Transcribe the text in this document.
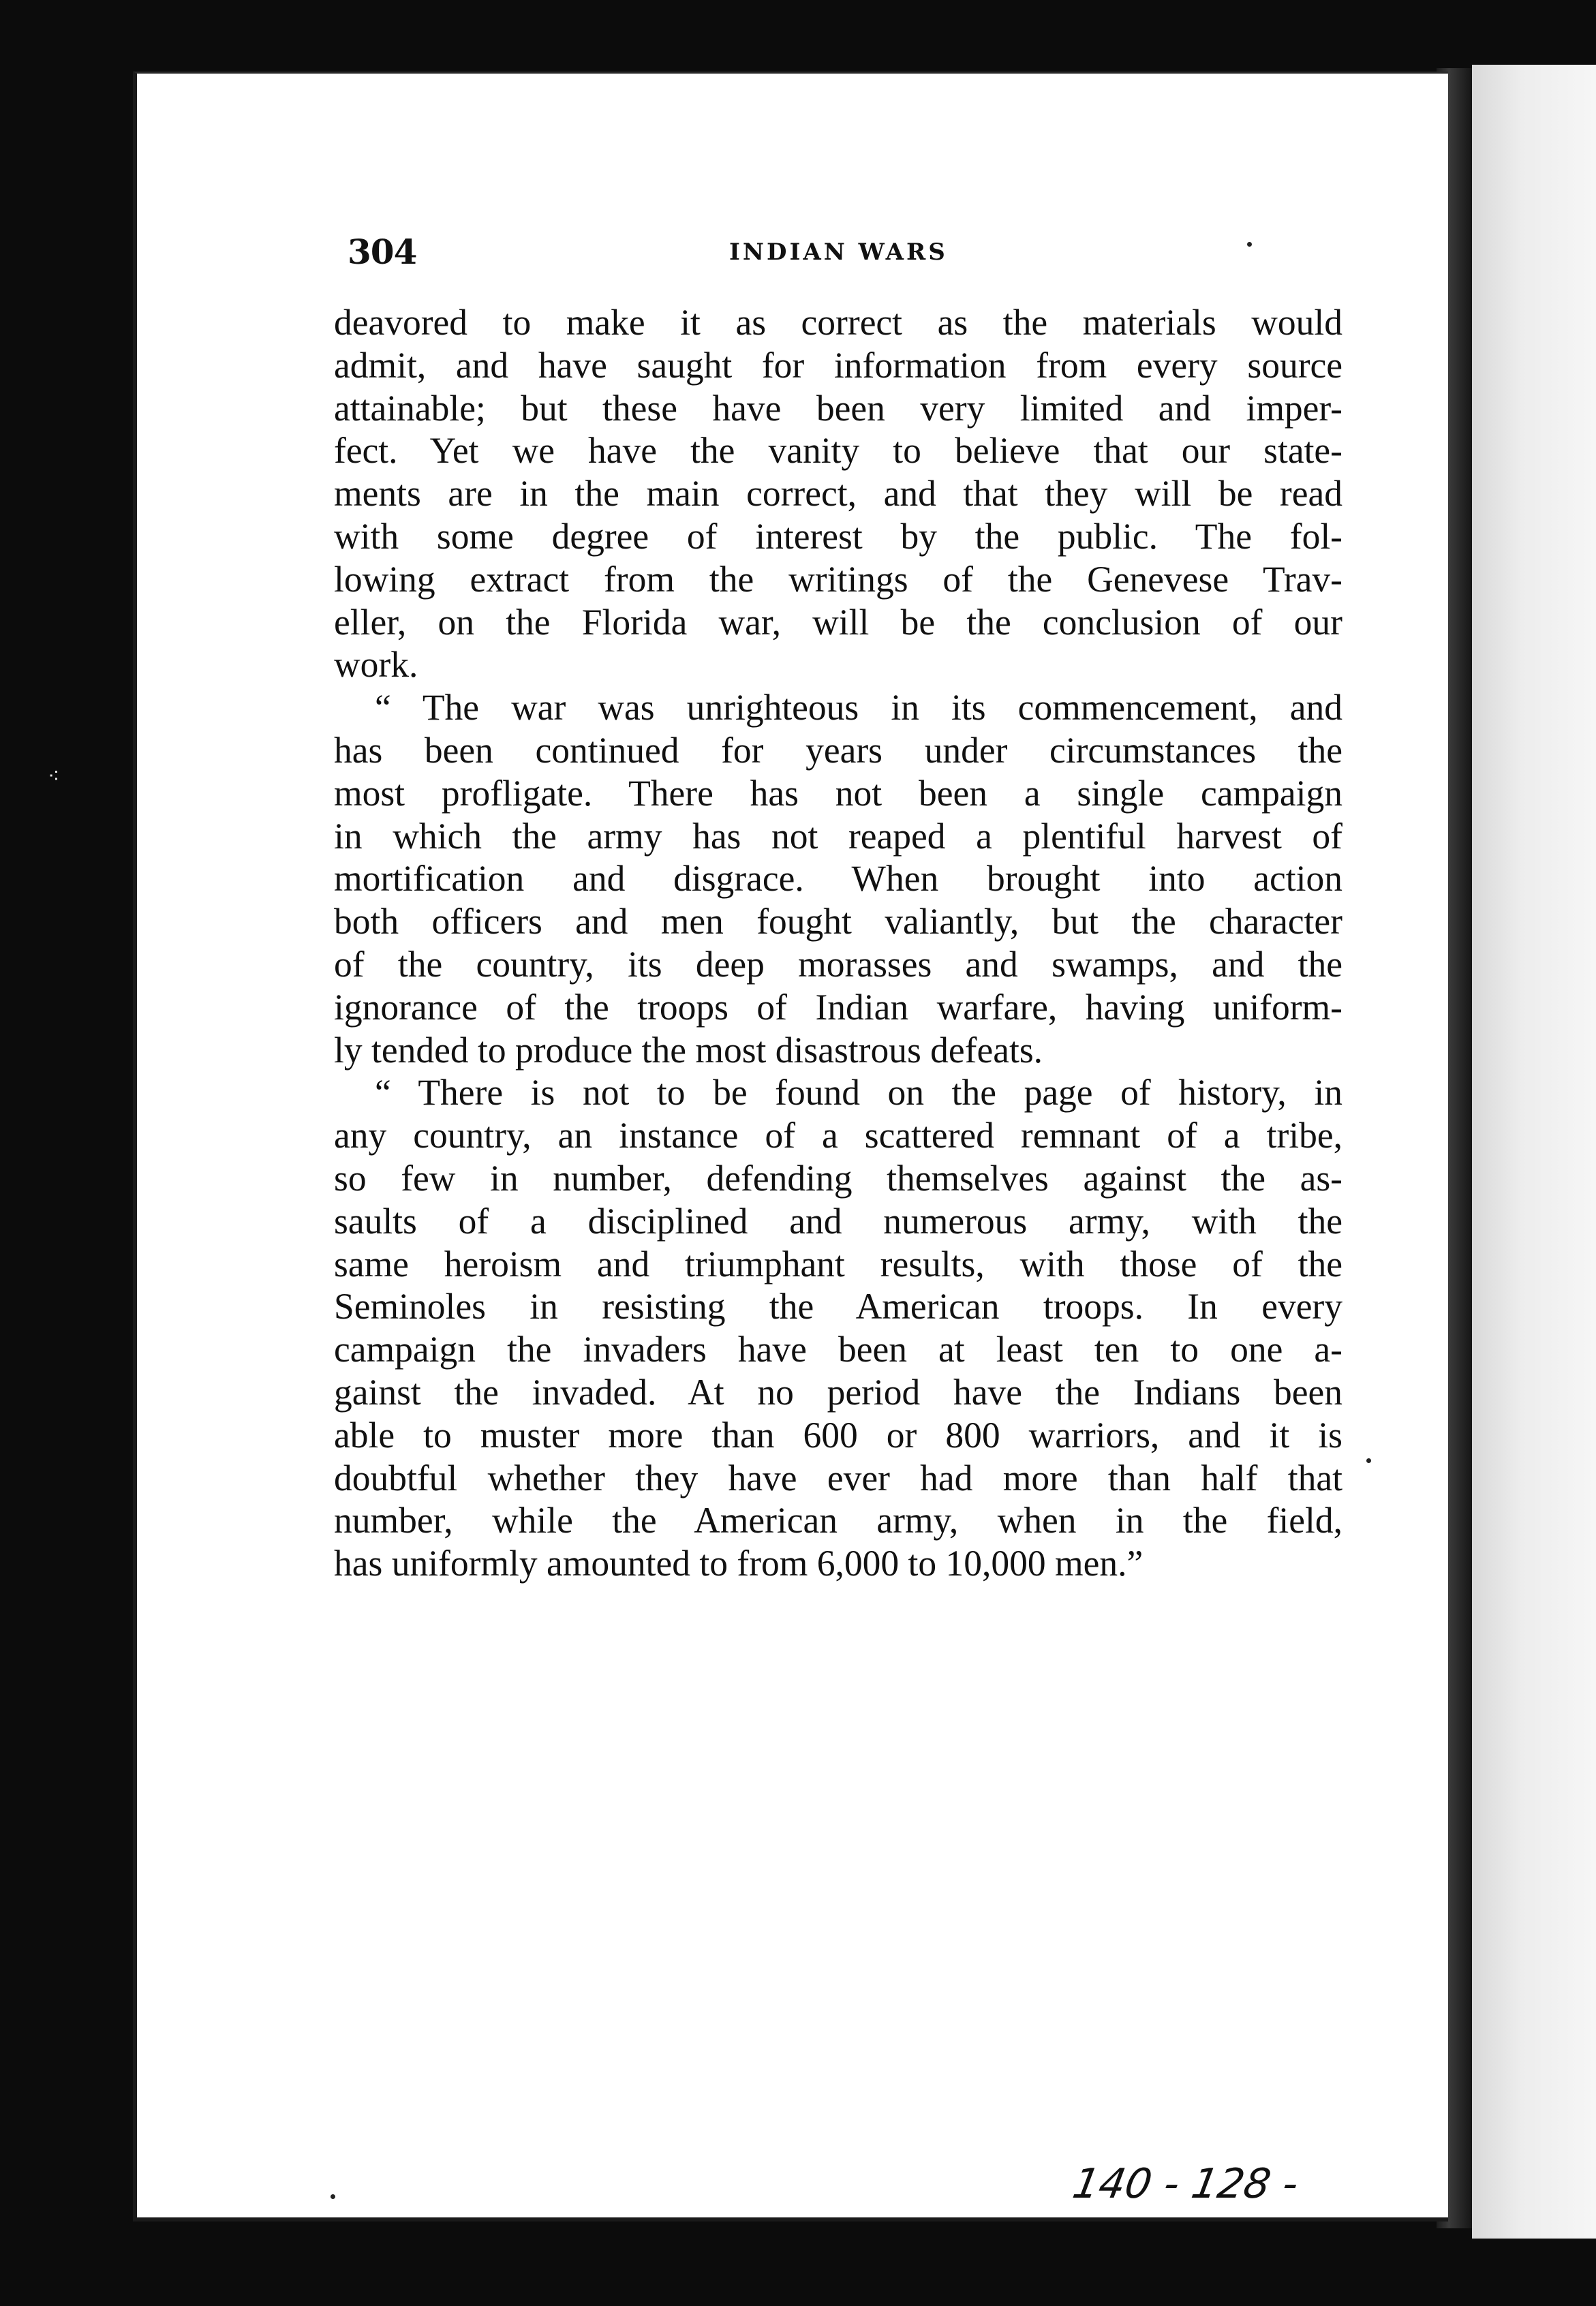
⁖
304	INDIAN WARS
deavored to make it as correct as the materials would
admit, and have saught for information from every source
attainable; but these have been very limited and imper-
fect. Yet we have the vanity to believe that our state-
ments are in the main correct, and that they will be read
with some degree of interest by the public. The fol-
lowing extract from the writings of the Genevese Trav-
eller, on the Florida war, will be the conclusion of our
work.
“ The war was unrighteous in its commencement, and
has been continued for years under circumstances the
most profligate. There has not been a single campaign
in which the army has not reaped a plentiful harvest of
mortification and disgrace. When brought into action
both officers and men fought valiantly, but the character
of the country, its deep morasses and swamps, and the
ignorance of the troops of Indian warfare, having uniform-
ly tended to produce the most disastrous defeats.
“ There is not to be found on the page of history, in
any country, an instance of a scattered remnant of a tribe,
so few in number, defending themselves against the as-
saults of a disciplined and numerous army, with the
same heroism and triumphant results, with those of the
Seminoles in resisting the American troops. In every
campaign the invaders have been at least ten to one a-
gainst the invaded. At no period have the Indians been
able to muster more than 600 or 800 warriors, and it is
doubtful whether they have ever had more than half that
number, while the American army, when in the field,
has uniformly amounted to from 6,000 to 10,000 men.”
140 - 128 -
